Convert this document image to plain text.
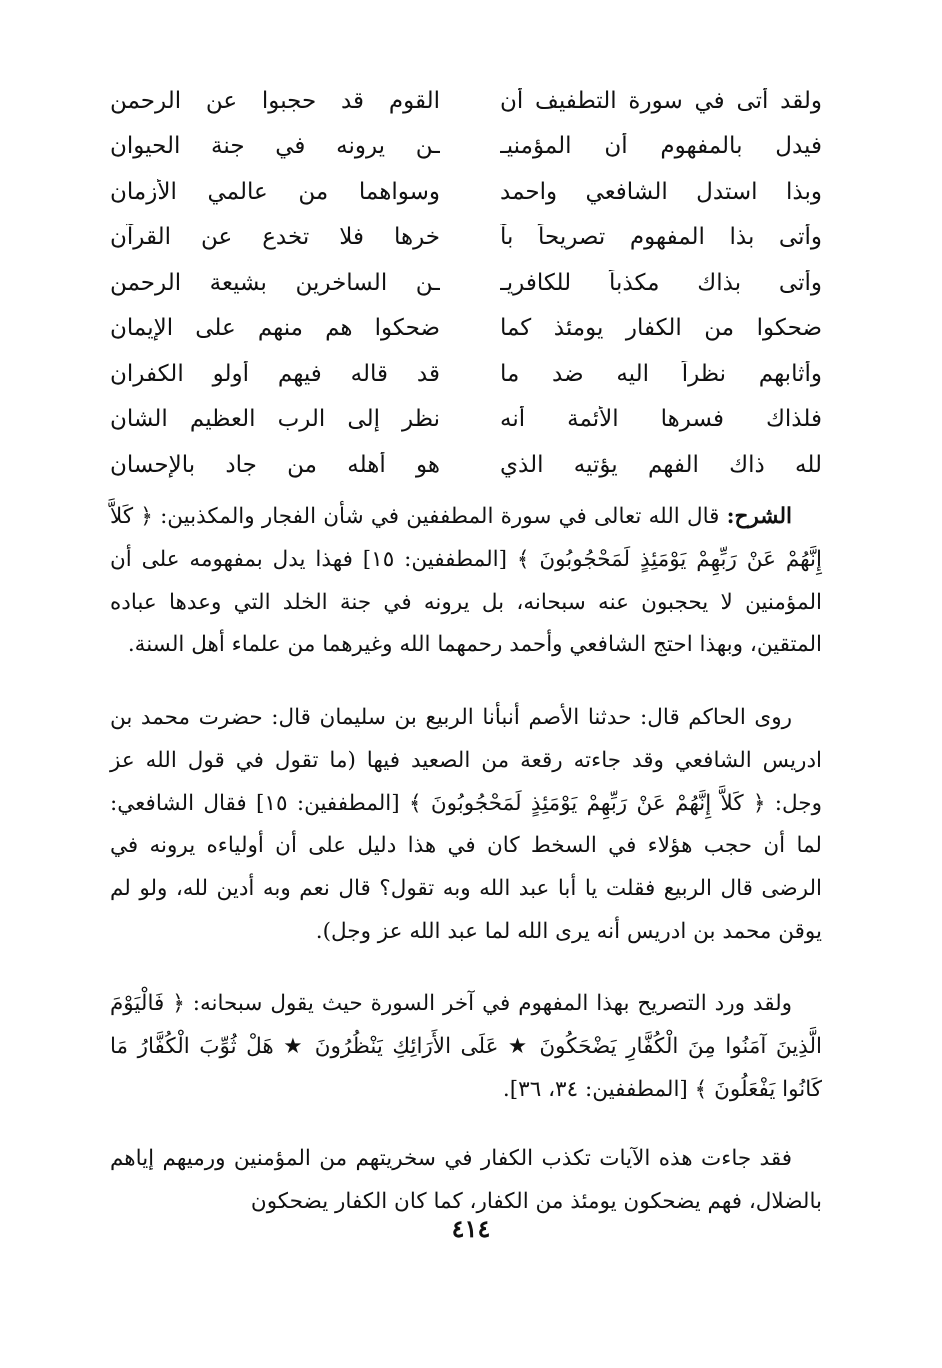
ولقد أتى في سورة التطفيف أن
القوم قد حجبوا عن الرحمن
فيدل بالمفهوم أن المؤمنيـ
ـن يرونه في جنة الحيوان
وبذا استدل الشافعي واحمد
وسواهما من عالمي الأزمان
وأتى بذا المفهوم تصريحاً بآ
خرها فلا تخدع عن القرآن
وأتى بذاك مكذباً للكافريـ
ـن الساخرين بشيعة الرحمن
ضحكوا من الكفار يومئذ كما
ضحكوا هم منهم على الإيمان
وأثابهم نظراً اليه ضد ما
قد قاله فيهم أولو الكفران
فلذاك فسرها الأئمة أنه
نظر إلى الرب العظيم الشان
لله ذاك الفهم يؤتيه الذي
هو أهله من جاد بالإحسان

الشرح: قال الله تعالى في سورة المطففين في شأن الفجار والمكذبين: ﴿ كَلاَّ إِنَّهُمْ عَنْ رَبِّهِمْ يَوْمَئِذٍ لَمَحْجُوبُونَ ﴾ [المطففين: ١٥] فهذا يدل بمفهومه على أن المؤمنين لا يحجبون عنه سبحانه، بل يرونه في جنة الخلد التي وعدها عباده المتقين، وبهذا احتج الشافعي وأحمد رحمهما الله وغيرهما من علماء أهل السنة.

روى الحاكم قال: حدثنا الأصم أنبأنا الربيع بن سليمان قال: حضرت محمد بن ادريس الشافعي وقد جاءته رقعة من الصعيد فيها (ما تقول في قول الله عز وجل: ﴿ كَلاَّ إِنَّهُمْ عَنْ رَبِّهِمْ يَوْمَئِذٍ لَمَحْجُوبُونَ ﴾ [المطففين: ١٥] فقال الشافعي: لما أن حجب هؤلاء في السخط كان في هذا دليل على أن أولياءه يرونه في الرضى قال الربيع فقلت يا أبا عبد الله وبه تقول؟ قال نعم وبه أدين لله، ولو لم يوقن محمد بن ادريس أنه يرى الله لما عبد الله عز وجل).

ولقد ورد التصريح بهذا المفهوم في آخر السورة حيث يقول سبحانه: ﴿ فَالْيَوْمَ الَّذِينَ آمَنُوا مِنَ الْكُفَّارِ يَضْحَكُونَ ★ عَلَى الأَرَائِكِ يَنْظُرُونَ ★ هَلْ ثُوِّبَ الْكُفَّارُ مَا كَانُوا يَفْعَلُونَ ﴾ [المطففين: ٣٤، ٣٦].

فقد جاءت هذه الآيات تكذب الكفار في سخريتهم من المؤمنين ورميهم إياهم بالضلال، فهم يضحكون يومئذ من الكفار، كما كان الكفار يضحكون

٤١٤
